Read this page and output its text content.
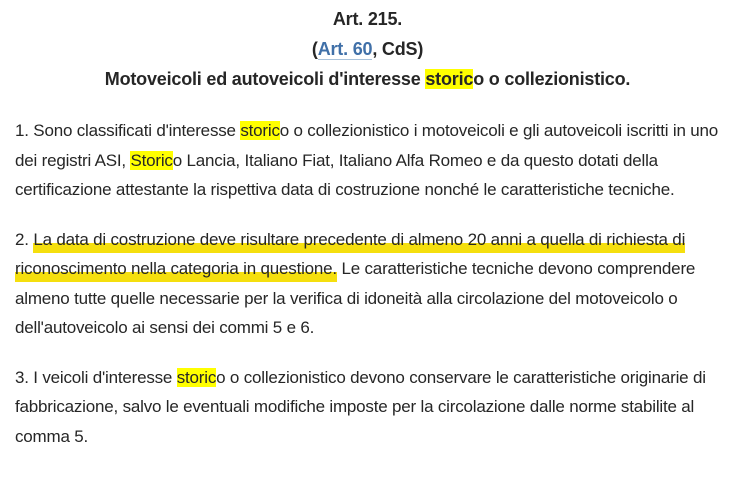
Art. 215.

(Art. 60, CdS)

Motoveicoli ed autoveicoli d'interesse storico o collezionistico.

1. Sono classificati d'interesse storico o collezionistico i motoveicoli e gli autoveicoli iscritti in uno dei registri ASI, Storico Lancia, Italiano Fiat, Italiano Alfa Romeo e da questo dotati della certificazione attestante la rispettiva data di costruzione nonché le caratteristiche tecniche.

2. La data di costruzione deve risultare precedente di almeno 20 anni a quella di richiesta di riconoscimento nella categoria in questione. Le caratteristiche tecniche devono comprendere almeno tutte quelle necessarie per la verifica di idoneità alla circolazione del motoveicolo o dell'autoveicolo ai sensi dei commi 5 e 6.

3. I veicoli d'interesse storico o collezionistico devono conservare le caratteristiche originarie di fabbricazione, salvo le eventuali modifiche imposte per la circolazione dalle norme stabilite al comma 5.
